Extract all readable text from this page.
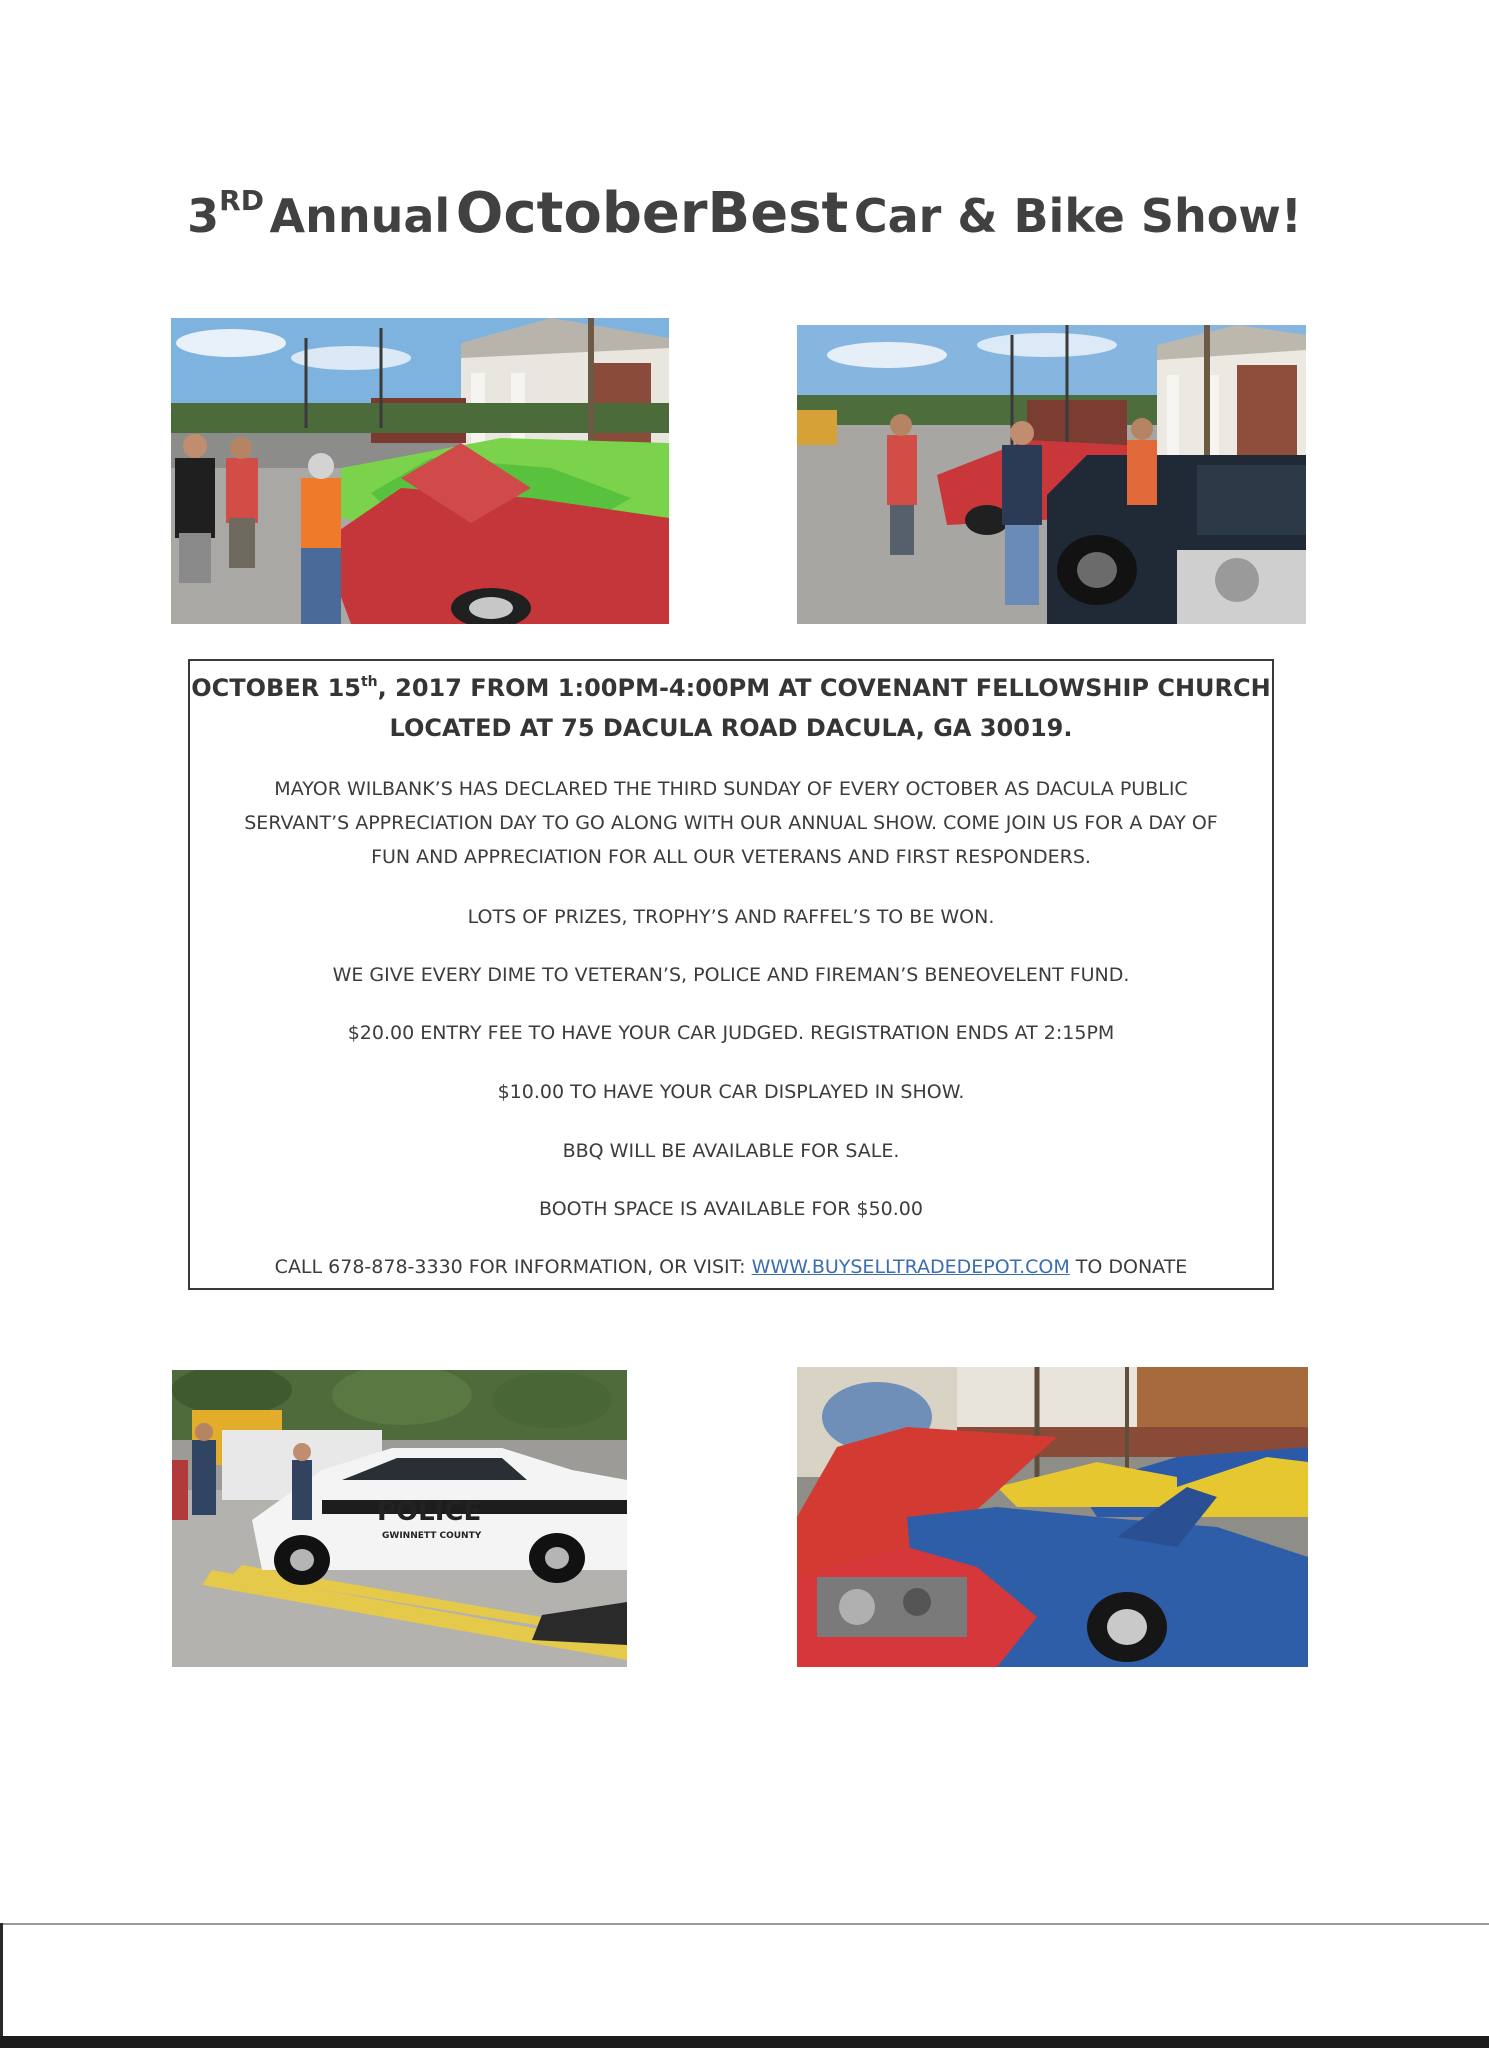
3RD Annual OctoberBest Car & Bike Show!
OCTOBER 15th, 2017 FROM 1:00PM-4:00PM AT COVENANT FELLOWSHIP CHURCH
LOCATED AT 75 DACULA ROAD DACULA, GA 30019.
MAYOR WILBANK’S HAS DECLARED THE THIRD SUNDAY OF EVERY OCTOBER AS DACULA PUBLIC
SERVANT’S APPRECIATION DAY TO GO ALONG WITH OUR ANNUAL SHOW. COME JOIN US FOR A DAY OF
FUN AND APPRECIATION FOR ALL OUR VETERANS AND FIRST RESPONDERS.
LOTS OF PRIZES, TROPHY’S AND RAFFEL’S TO BE WON.
WE GIVE EVERY DIME TO VETERAN’S, POLICE AND FIREMAN’S BENEOVELENT FUND.
$20.00 ENTRY FEE TO HAVE YOUR CAR JUDGED. REGISTRATION ENDS AT 2:15PM
$10.00 TO HAVE YOUR CAR DISPLAYED IN SHOW.
BBQ WILL BE AVAILABLE FOR SALE.
BOOTH SPACE IS AVAILABLE FOR $50.00
CALL 678-878-3330 FOR INFORMATION, OR VISIT: WWW.BUYSELLTRADEDEPOT.COM TO DONATE
POLICE
GWINNETT COUNTY
